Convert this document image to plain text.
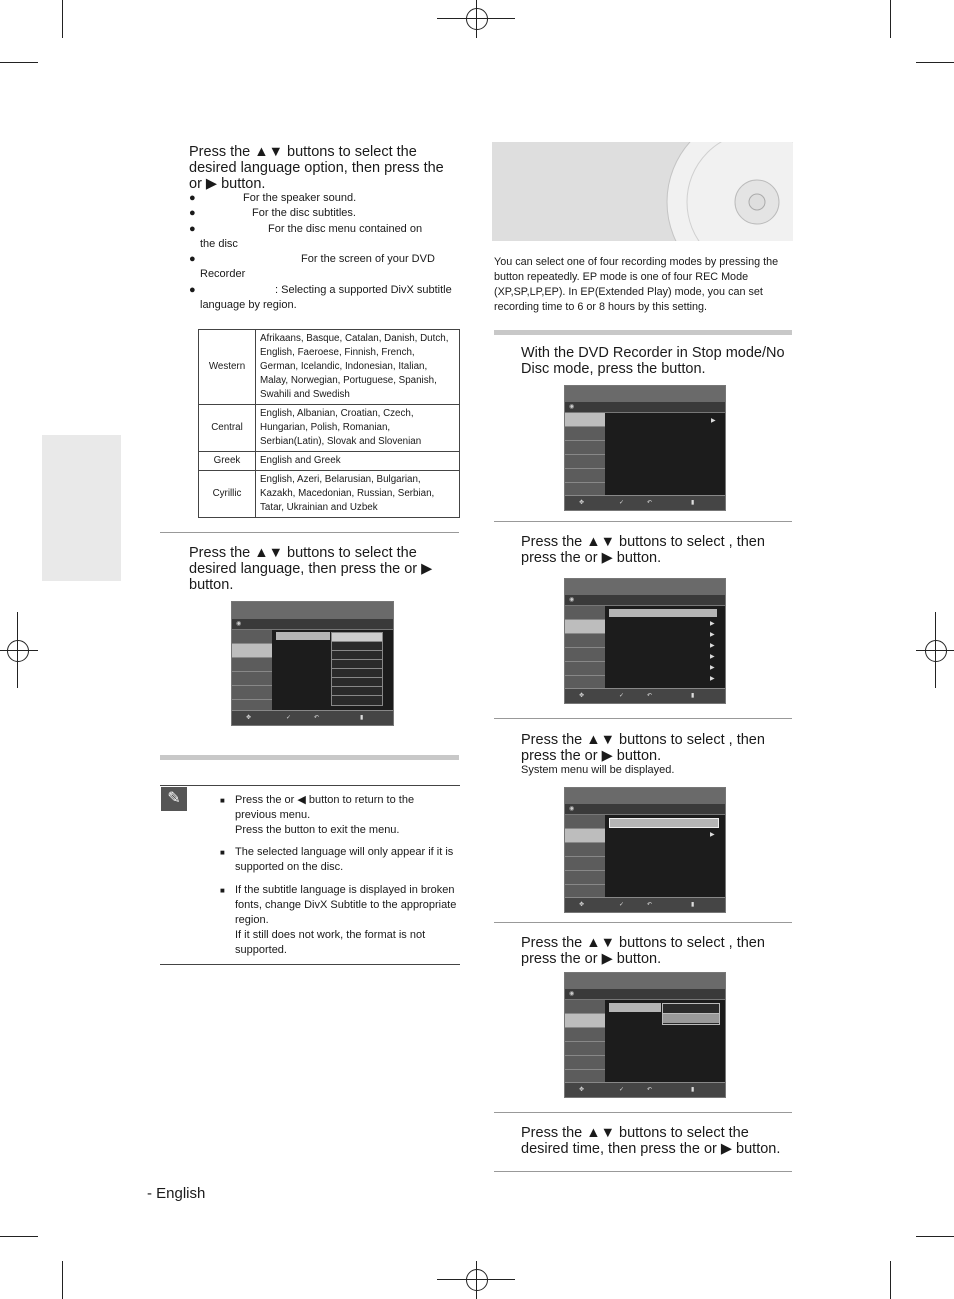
Press the ▲▼ buttons to select the desired language option, then press the or ▶ button.
●	For the speaker sound.
●	For the disc subtitles.
●	For the disc menu contained on the disc
●	For the screen of your DVD Recorder
●	: Selecting a supported DivX subtitle language by region.
Western	Afrikaans, Basque, Catalan, Danish, Dutch, English, Faeroese, Finnish, French, German, Icelandic, Indonesian, Italian, Malay, Norwegian, Portuguese, Spanish, Swahili and Swedish
Central	English, Albanian, Croatian, Czech, Hungarian, Polish, Romanian, Serbian(Latin), Slovak and Slovenian
Greek	English and Greek
Cyrillic	English, Azeri, Belarusian, Bulgarian, Kazakh, Macedonian, Russian, Serbian, Tatar, Ukrainian and Uzbek
Press the ▲▼ buttons to select the desired language, then press the or ▶ button.
◉
✥	✓	↶	▮
✎	■ Press the or ◀ button to return to the previous menu.
Press the button to exit the menu.
■ The selected language will only appear if it is supported on the disc.
■ If the subtitle language is displayed in broken fonts, change DivX Subtitle to the appropriate region.
If it still does not work, the format is not supported.
You can select one of four recording modes by pressing the button repeatedly. EP mode is one of four REC Mode (XP,SP,LP,EP). In EP(Extended Play) mode, you can set recording time to 6 or 8 hours by this setting.
With the DVD Recorder in Stop mode/No Disc mode, press the button.
◉
▶
✥	✓	↶	▮
Press the ▲▼ buttons to select , then press the or ▶ button.
◉
▶
▶
▶
▶
▶
▶
✥	✓	↶	▮
Press the ▲▼ buttons to select , then press the or ▶ button.
System menu will be displayed.
◉
▶
✥	✓	↶	▮
Press the ▲▼ buttons to select , then press the or ▶ button.
◉
✥	✓	↶	▮
Press the ▲▼ buttons to select the desired time, then press the or ▶ button.
- English
